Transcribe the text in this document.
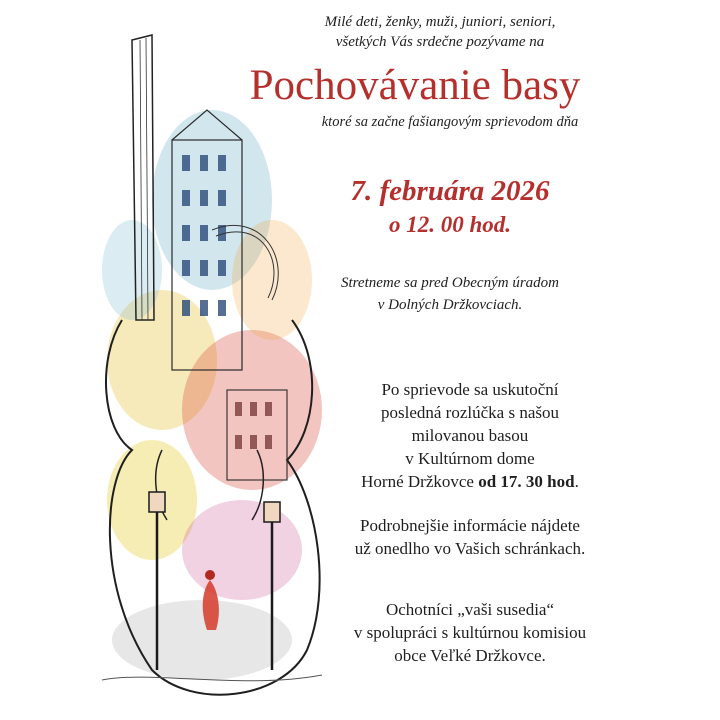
Milé deti, ženky, muži, juniori, seniori,
všetkých Vás srdečne pozývame na
Pochovávanie basy
ktoré sa začne fašiangovým sprievodom dňa
7. februára 2026
o 12. 00 hod.
Stretneme sa pred Obecným úradom
v Dolných Držkovciach.
Po sprievode sa uskutoční
posledná rozlúčka s našou
milovanou basou
v Kultúrnom dome
Horné Držkovce od 17. 30 hod.
Podrobnejšie informácie nájdete
už onedlho vo Vašich schránkach.
Ochotníci „vaši susedia“
v spolupráci s kultúrnou komisiou
obce Veľké Držkovce.
